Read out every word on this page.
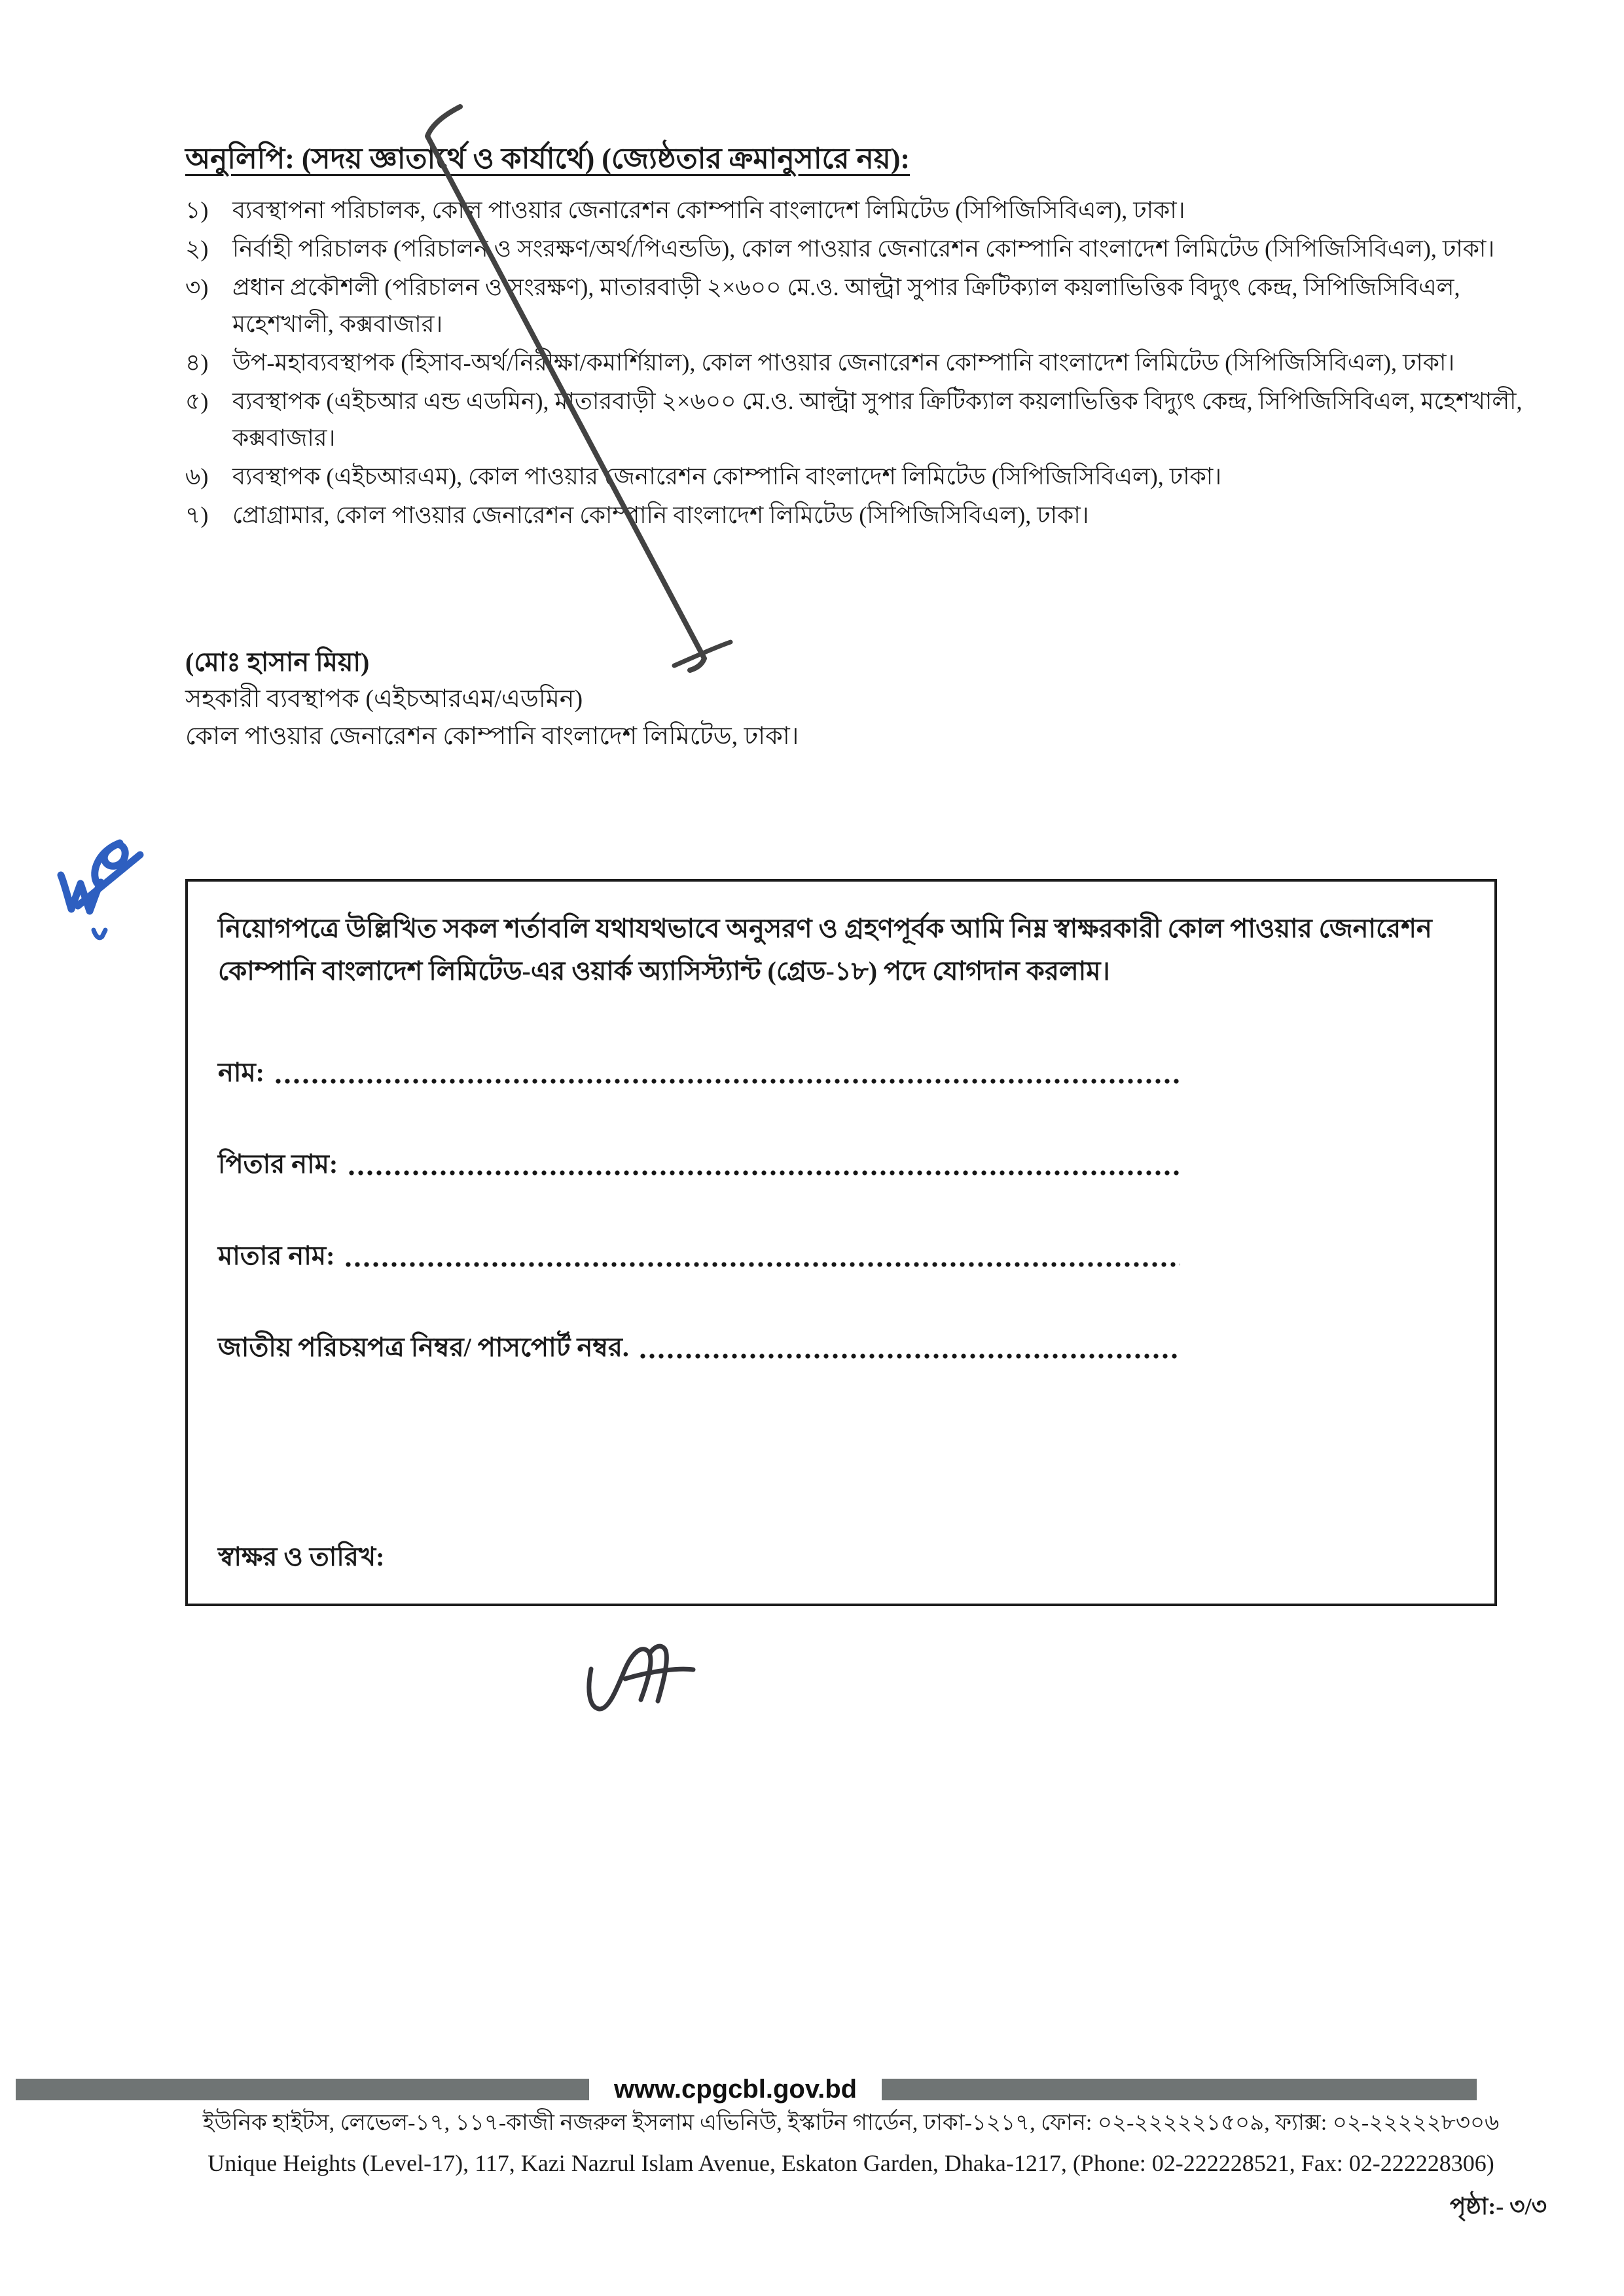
অনুলিপি: (সদয় জ্ঞাতার্থে ও কার্যার্থে) (জ্যেষ্ঠতার ক্রমানুসারে নয়):
১)	ব্যবস্থাপনা পরিচালক, কোল পাওয়ার জেনারেশন কোম্পানি বাংলাদেশ লিমিটেড (সিপিজিসিবিএল), ঢাকা।
২)	নির্বাহী পরিচালক (পরিচালন ও সংরক্ষণ/অর্থ/পিএন্ডডি), কোল পাওয়ার জেনারেশন কোম্পানি বাংলাদেশ লিমিটেড (সিপিজিসিবিএল), ঢাকা।
৩)	প্রধান প্রকৌশলী (পরিচালন ও সংরক্ষণ), মাতারবাড়ী ২×৬০০ মে.ও. আল্ট্রা সুপার ক্রিটিক্যাল কয়লাভিত্তিক বিদ্যুৎ কেন্দ্র, সিপিজিসিবিএল, মহেশখালী, কক্সবাজার।
৪)	উপ-মহাব্যবস্থাপক (হিসাব-অর্থ/নিরীক্ষা/কমার্শিয়াল), কোল পাওয়ার জেনারেশন কোম্পানি বাংলাদেশ লিমিটেড (সিপিজিসিবিএল), ঢাকা।
৫)	ব্যবস্থাপক (এইচআর এন্ড এডমিন), মাতারবাড়ী ২×৬০০ মে.ও. আল্ট্রা সুপার ক্রিটিক্যাল কয়লাভিত্তিক বিদ্যুৎ কেন্দ্র, সিপিজিসিবিএল, মহেশখালী, কক্সবাজার।
৬)	ব্যবস্থাপক (এইচআরএম), কোল পাওয়ার জেনারেশন কোম্পানি বাংলাদেশ লিমিটেড (সিপিজিসিবিএল), ঢাকা।
৭)	প্রোগ্রামার, কোল পাওয়ার জেনারেশন কোম্পানি বাংলাদেশ লিমিটেড (সিপিজিসিবিএল), ঢাকা।

(মোঃ হাসান মিয়া)

সহকারী ব্যবস্থাপক (এইচআরএম/এডমিন)

কোল পাওয়ার জেনারেশন কোম্পানি বাংলাদেশ লিমিটেড, ঢাকা।

নিয়োগপত্রে উল্লিখিত সকল শর্তাবলি যথাযথভাবে অনুসরণ ও গ্রহণপূর্বক আমি নিম্ন স্বাক্ষরকারী কোল পাওয়ার জেনারেশন কোম্পানি বাংলাদেশ লিমিটেড-এর ওয়ার্ক অ্যাসিস্ট্যান্ট (গ্রেড-১৮) পদে যোগদান করলাম।

নাম:
পিতার নাম:
মাতার নাম:
জাতীয় পরিচয়পত্র নিম্বর/ পাসপোর্ট নম্বর.

স্বাক্ষর ও তারিখ:

www.cpgcbl.gov.bd
ইউনিক হাইটস, লেভেল-১৭, ১১৭-কাজী নজরুল ইসলাম এভিনিউ, ইস্কাটন গার্ডেন, ঢাকা-১২১৭, ফোন: ০২-২২২২২১৫০৯, ফ্যাক্স: ০২-২২২২২৮৩০৬
Unique Heights (Level-17), 117, Kazi Nazrul Islam Avenue, Eskaton Garden, Dhaka-1217, (Phone: 02-222228521, Fax: 02-222228306)
পৃষ্ঠা:- ৩/৩
